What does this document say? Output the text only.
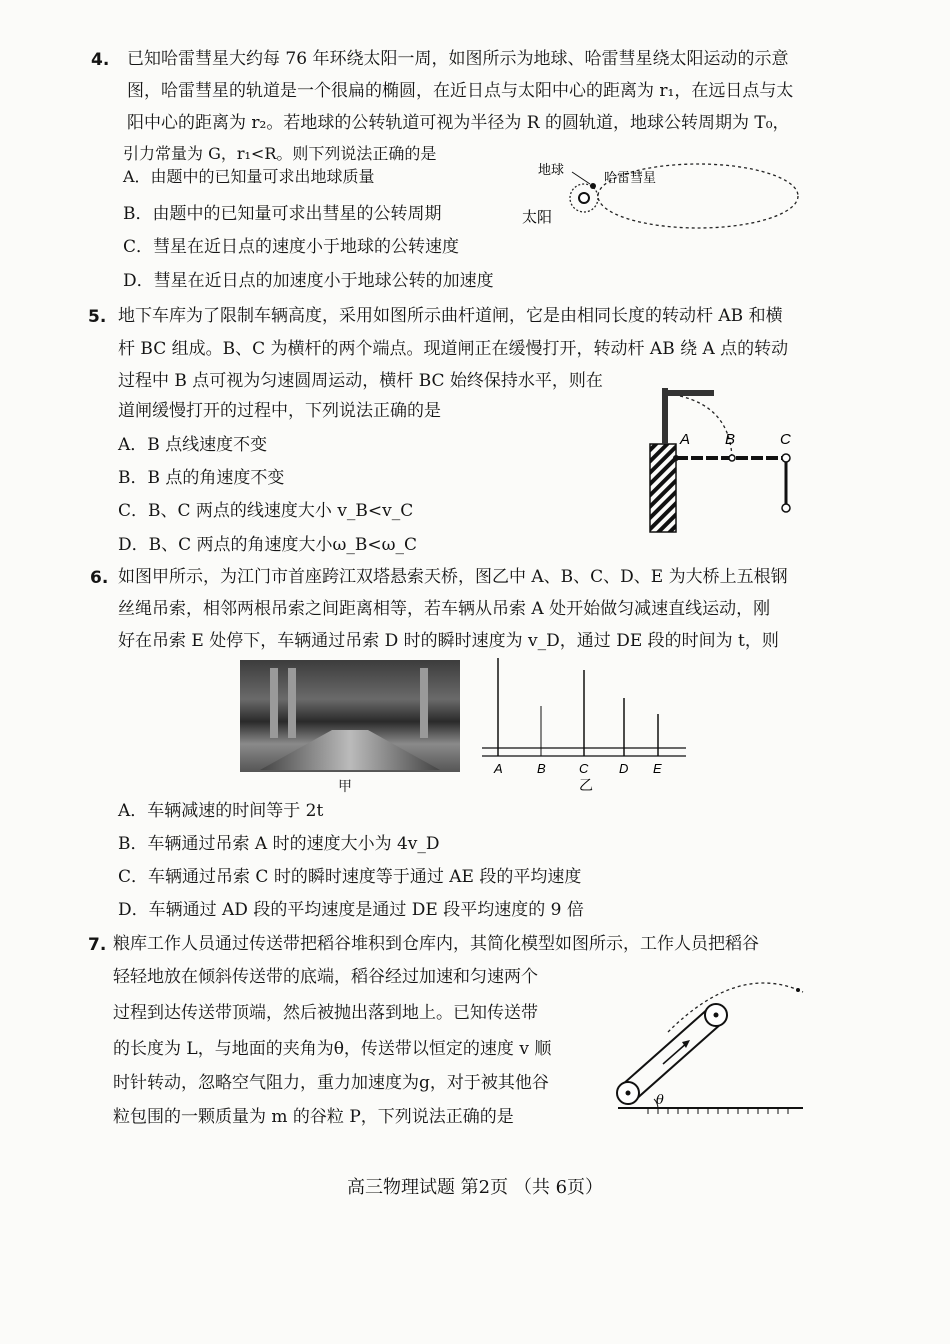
4. 已知哈雷彗星大约每 76 年环绕太阳一周，如图所示为地球、哈雷彗星绕太阳运动的示意
图，哈雷彗星的轨道是一个很扁的椭圆，在近日点与太阳中心的距离为 r₁，在远日点与太
阳中心的距离为 r₂。若地球的公转轨道可视为半径为 R 的圆轨道，地球公转周期为 T₀，
引力常量为 G，r₁<R。则下列说法正确的是
A．由题中的已知量可求出地球质量
B．由题中的已知量可求出彗星的公转周期
C．彗星在近日点的速度小于地球的公转速度
D．彗星在近日点的加速度小于地球公转的加速度
地球
哈雷彗星
太阳
5. 地下车库为了限制车辆高度，采用如图所示曲杆道闸，它是由相同长度的转动杆 AB 和横
杆 BC 组成。B、C 为横杆的两个端点。现道闸正在缓慢打开，转动杆 AB 绕 A 点的转动
过程中 B 点可视为匀速圆周运动，横杆 BC 始终保持水平，则在
道闸缓慢打开的过程中，下列说法正确的是
A．B 点线速度不变
B．B 点的角速度不变
C．B、C 两点的线速度大小 v_B<v_C
D．B、C 两点的角速度大小ω_B<ω_C
A B	C
6. 如图甲所示，为江门市首座跨江双塔悬索天桥，图乙中 A、B、C、D、E 为大桥上五根钢
丝绳吊索，相邻两根吊索之间距离相等，若车辆从吊索 A 处开始做匀减速直线运动，刚
好在吊索 E 处停下，车辆通过吊索 D 时的瞬时速度为 v_D，通过 DE 段的时间为 t，则
甲
A	B	C D E
乙
A．车辆减速的时间等于 2t
B．车辆通过吊索 A 时的速度大小为 4v_D
C．车辆通过吊索 C 时的瞬时速度等于通过 AE 段的平均速度
D．车辆通过 AD 段的平均速度是通过 DE 段平均速度的 9 倍
7. 粮库工作人员通过传送带把稻谷堆积到仓库内，其简化模型如图所示，工作人员把稻谷
轻轻地放在倾斜传送带的底端，稻谷经过加速和匀速两个
过程到达传送带顶端，然后被抛出落到地上。已知传送带
的长度为 L，与地面的夹角为θ，传送带以恒定的速度 v 顺
时针转动，忽略空气阻力，重力加速度为g，对于被其他谷
粒包围的一颗质量为 m 的谷粒 P，下列说法正确的是
θ
高三物理试题 第2页 （共 6页）
